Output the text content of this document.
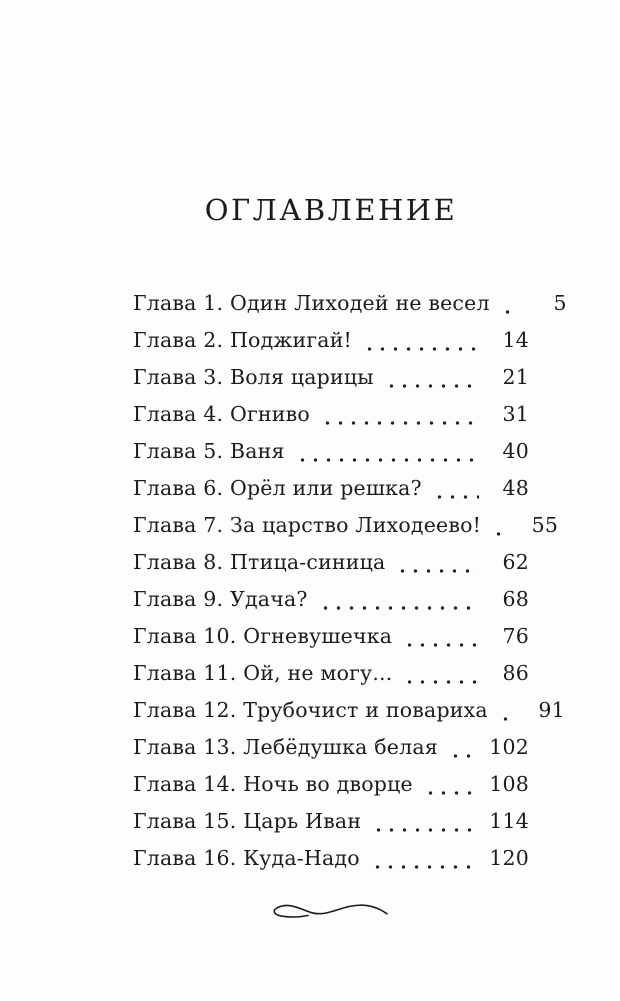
ОГЛАВЛЕНИЕ
Глава 1. Один Лиходей не весел	5
Глава 2. Поджигай!	14
Глава 3. Воля царицы	21
Глава 4. Огниво	31
Глава 5. Ваня	40
Глава 6. Орёл или решка?	48
Глава 7. За царство Лиходеево!	55
Глава 8. Птица-синица	62
Глава 9. Удача?	68
Глава 10. Огневушечка	76
Глава 11. Ой, не могу...	86
Глава 12. Трубочист и повариха	91
Глава 13. Лебёдушка белая	102
Глава 14. Ночь во дворце	108
Глава 15. Царь Иван	114
Глава 16. Куда-Надо	120
